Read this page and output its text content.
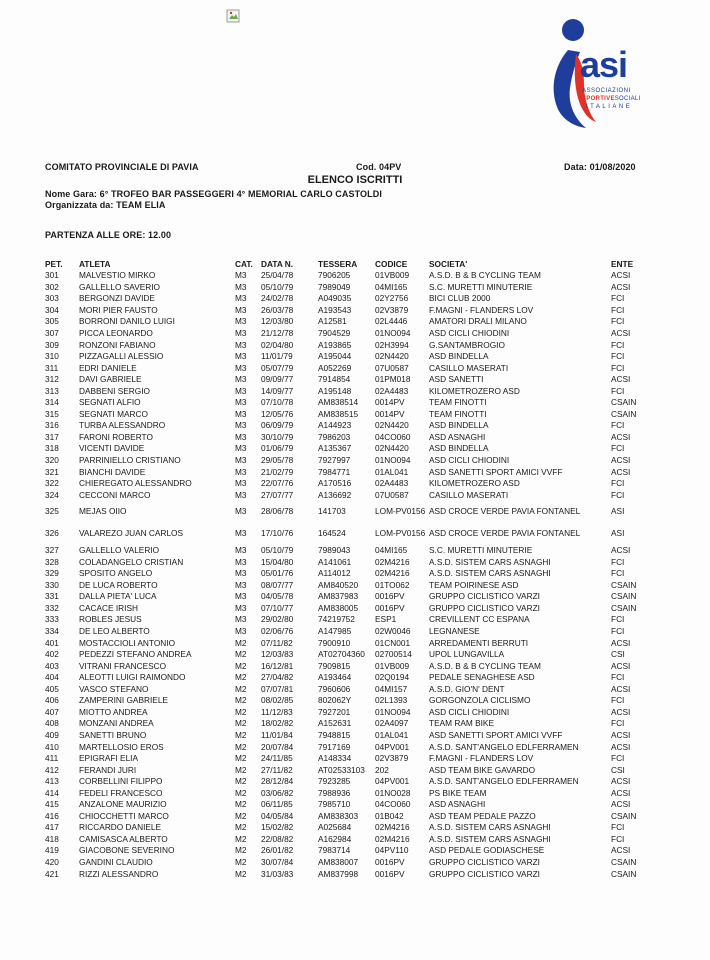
asi
ASSOCIAZIONI
SPORTIVESOCIALI
ITALIANE
COMITATO PROVINCIALE DI PAVIA	Cod. 04PV	Data: 01/08/2020
ELENCO ISCRITTI
Nome Gara: 6° TROFEO BAR PASSEGGERI 4° MEMORIAL CARLO CASTOLDI
Organizzata da: TEAM ELIA
PARTENZA ALLE ORE: 12.00
PET.	ATLETA	CAT.	DATA N.	TESSERA	CODICE	SOCIETA'	ENTE
301	MALVESTIO MIRKO	M3	25/04/78	7906205	01VB009	A.S.D. B & B CYCLING TEAM	ACSI
302	GALLELLO SAVERIO	M3	05/10/79	7989049	04MI165	S.C. MURETTI MINUTERIE	ACSI
303	BERGONZI DAVIDE	M3	24/02/78	A049035	02Y2756	BICI CLUB 2000	FCI
304	MORI PIER FAUSTO	M3	26/03/78	A193543	02V3879	F.MAGNI - FLANDERS LOV	FCI
305	BORRONI DANILO LUIGI	M3	12/03/80	A12581	02L4446	AMATORI DRALI MILANO	FCI
307	PICCA LEONARDO	M3	21/12/78	7904529	01NO094	ASD CICLI CHIODINI	ACSI
309	RONZONI FABIANO	M3	02/04/80	A193865	02H3994	G.SANTAMBROGIO	FCI
310	PIZZAGALLI ALESSIO	M3	11/01/79	A195044	02N4420	ASD BINDELLA	FCI
311	EDRI DANIELE	M3	05/07/79	A052269	07U0587	CASILLO MASERATI	FCI
312	DAVI GABRIELE	M3	09/09/77	7914854	01PM018	ASD SANETTI	ACSI
313	DABBENI SERGIO	M3	14/09/77	A195148	02A4483	KILOMETROZERO ASD	FCI
314	SEGNATI ALFIO	M3	07/10/78	AM838514	0014PV	TEAM FINOTTI	CSAIN
315	SEGNATI MARCO	M3	12/05/76	AM838515	0014PV	TEAM FINOTTI	CSAIN
316	TURBA ALESSANDRO	M3	06/09/79	A144923	02N4420	ASD BINDELLA	FCI
317	FARONI ROBERTO	M3	30/10/79	7986203	04CO060	ASD ASNAGHI	ACSI
318	VICENTI DAVIDE	M3	01/06/79	A135367	02N4420	ASD BINDELLA	FCI
320	PARRINIELLO CRISTIANO	M3	29/05/78	7927997	01NO094	ASD CICLI CHIODINI	ACSI
321	BIANCHI DAVIDE	M3	21/02/79	7984771	01AL041	ASD SANETTI SPORT AMICI VVFF	ACSI
322	CHIEREGATO ALESSANDRO	M3	22/07/76	A170516	02A4483	KILOMETROZERO ASD	FCI
324	CECCONI MARCO	M3	27/07/77	A136692	07U0587	CASILLO MASERATI	FCI
325	MEJAS OIIO	M3	28/06/78	141703	LOM-PV0156	ASD CROCE VERDE PAVIA FONTANEL	ASI
326	VALAREZO JUAN CARLOS	M3	17/10/76	164524	LOM-PV0156	ASD CROCE VERDE PAVIA FONTANEL	ASI
327	GALLELLO VALERIO	M3	05/10/79	7989043	04MI165	S.C. MURETTI MINUTERIE	ACSI
328	COLADANGELO CRISTIAN	M3	15/04/80	A141061	02M4216	A.S.D. SISTEM CARS ASNAGHI	FCI
329	SPOSITO ANGELO	M3	05/01/76	A114012	02M4216	A.S.D. SISTEM CARS ASNAGHI	FCI
330	DE LUCA ROBERTO	M3	08/07/77	AM840520	01TO062	TEAM POIRINESE ASD	CSAIN
331	DALLA PIETA' LUCA	M3	04/05/78	AM837983	0016PV	GRUPPO CICLISTICO VARZI	CSAIN
332	CACACE IRISH	M3	07/10/77	AM838005	0016PV	GRUPPO CICLISTICO VARZI	CSAIN
333	ROBLES JESUS	M3	29/02/80	74219752	ESP1	CREVILLENT CC ESPANA	FCI
334	DE LEO ALBERTO	M3	02/06/76	A147985	02W0046	LEGNANESE	FCI
401	MOSTACCIOLI ANTONIO	M2	07/11/82	7900910	01CN001	ARREDAMENTI BERRUTI	ACSI
402	PEDEZZI STEFANO ANDREA	M2	12/03/83	AT02704360	02700514	UPOL LUNGAVILLA	CSI
403	VITRANI FRANCESCO	M2	16/12/81	7909815	01VB009	A.S.D. B & B CYCLING TEAM	ACSI
404	ALEOTTI LUIGI RAIMONDO	M2	27/04/82	A193464	02Q0194	PEDALE SENAGHESE ASD	FCI
405	VASCO STEFANO	M2	07/07/81	7960606	04MI157	A.S.D. GIO'N' DENT	ACSI
406	ZAMPERINI GABRIELE	M2	08/02/85	802062Y	02L1393	GORGONZOLA CICLISMO	FCI
407	MIOTTO ANDREA	M2	11/12/83	7927201	01NO094	ASD CICLI CHIODINI	ACSI
408	MONZANI ANDREA	M2	18/02/82	A152631	02A4097	TEAM RAM BIKE	FCI
409	SANETTI BRUNO	M2	11/01/84	7948815	01AL041	ASD SANETTI SPORT AMICI VVFF	ACSI
410	MARTELLOSIO EROS	M2	20/07/84	7917169	04PV001	A.S.D. SANT'ANGELO EDLFERRAMEN	ACSI
411	EPIGRAFI ELIA	M2	24/11/85	A148334	02V3879	F.MAGNI - FLANDERS LOV	FCI
412	FERANDI JURI	M2	27/11/82	AT02533103	202	ASD TEAM BIKE GAVARDO	CSI
413	CORBELLINI FILIPPO	M2	28/12/84	7923285	04PV001	A.S.D. SANT'ANGELO EDLFERRAMEN	ACSI
414	FEDELI FRANCESCO	M2	03/06/82	7988936	01NO028	PS BIKE TEAM	ACSI
415	ANZALONE MAURIZIO	M2	06/11/85	7985710	04CO060	ASD ASNAGHI	ACSI
416	CHIOCCHETTI MARCO	M2	04/05/84	AM838303	01B042	ASD TEAM PEDALE PAZZO	CSAIN
417	RICCARDO DANIELE	M2	15/02/82	A025684	02M4216	A.S.D. SISTEM CARS ASNAGHI	FCI
418	CAMISASCA ALBERTO	M2	22/08/82	A162984	02M4216	A.S.D. SISTEM CARS ASNAGHI	FCI
419	GIACOBONE SEVERINO	M2	26/01/82	7983714	04PV110	ASD PEDALE GODIASCHESE	ACSI
420	GANDINI CLAUDIO	M2	30/07/84	AM838007	0016PV	GRUPPO CICLISTICO VARZI	CSAIN
421	RIZZI ALESSANDRO	M2	31/03/83	AM837998	0016PV	GRUPPO CICLISTICO VARZI	CSAIN
